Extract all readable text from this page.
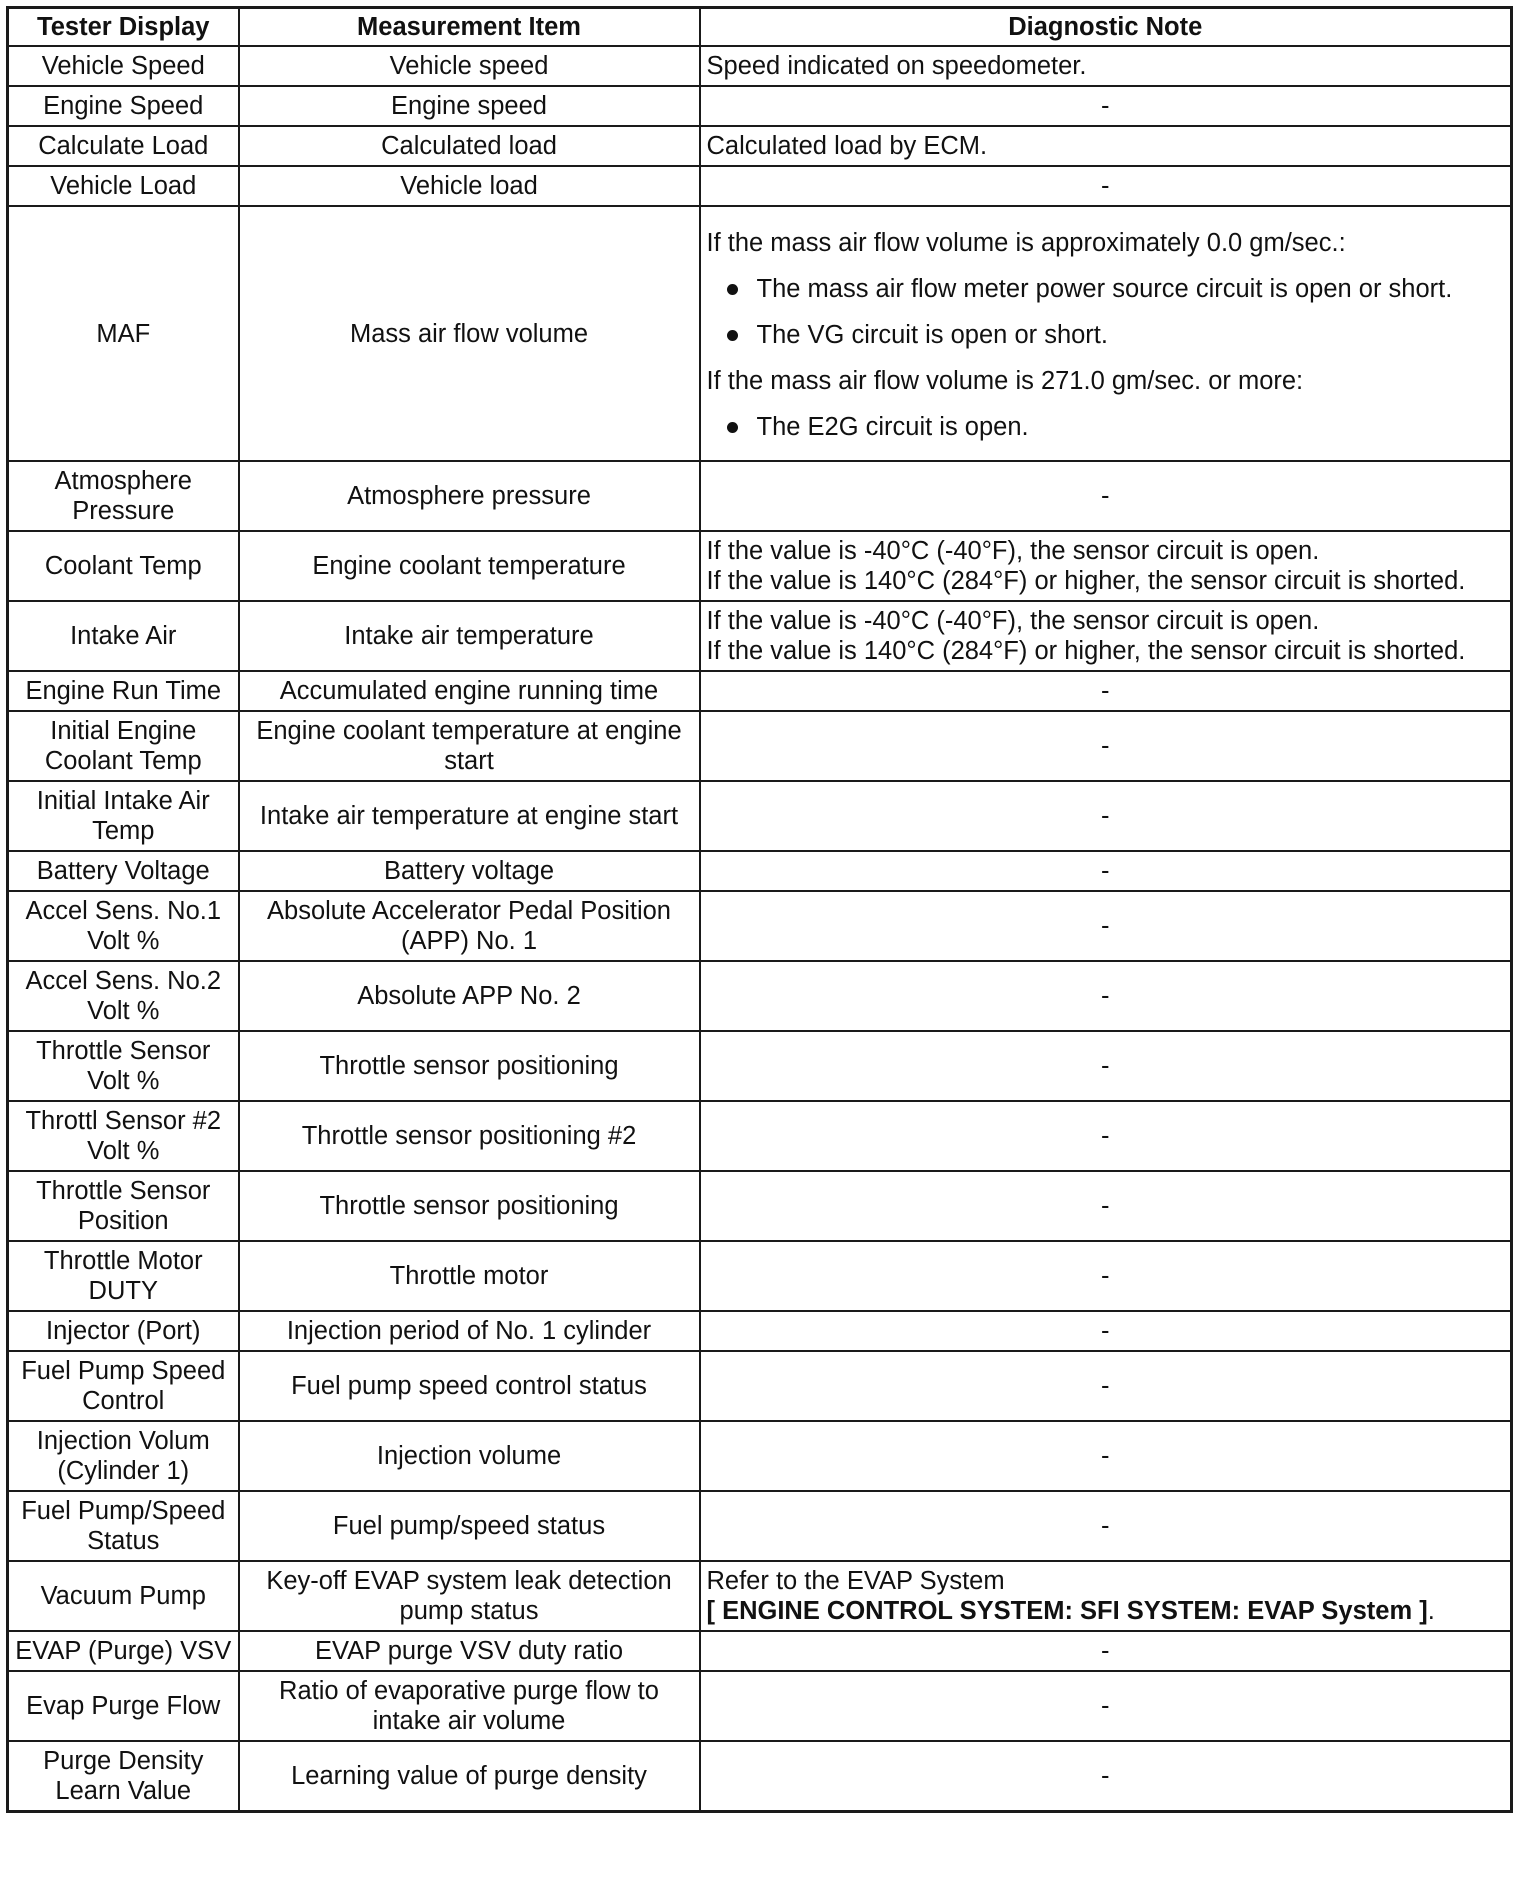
Tester Display	Measurement Item	Diagnostic Note
Vehicle Speed	Vehicle speed	Speed indicated on speedometer.
Engine Speed	Engine speed	-
Calculate Load	Calculated load	Calculated load by ECM.
Vehicle Load	Vehicle load	-
MAF	Mass air flow volume	If the mass air flow volume is approximately 0.0 gm/sec.:
The mass air flow meter power source circuit is open or short.
The VG circuit is open or short.
If the mass air flow volume is 271.0 gm/sec. or more:
The E2G circuit is open.

Atmosphere Pressure	Atmosphere pressure	-
Coolant Temp	Engine coolant temperature	If the value is -40°C (-40°F), the sensor circuit is open.
If the value is 140°C (284°F) or higher, the sensor circuit is shorted.

Intake Air	Intake air temperature	If the value is -40°C (-40°F), the sensor circuit is open.
If the value is 140°C (284°F) or higher, the sensor circuit is shorted.

Engine Run Time	Accumulated engine running time	-
Initial Engine Coolant Temp	Engine coolant temperature at engine start	-
Initial Intake Air Temp	Intake air temperature at engine start	-
Battery Voltage	Battery voltage	-
Accel Sens. No.1 Volt %	Absolute Accelerator Pedal Position (APP) No. 1	-
Accel Sens. No.2 Volt %	Absolute APP No. 2	-
Throttle Sensor Volt %	Throttle sensor positioning	-
Throttl Sensor #2 Volt %	Throttle sensor positioning #2	-
Throttle Sensor Position	Throttle sensor positioning	-
Throttle Motor DUTY	Throttle motor	-
Injector (Port)	Injection period of No. 1 cylinder	-
Fuel Pump Speed Control	Fuel pump speed control status	-
Injection Volum (Cylinder 1)	Injection volume	-
Fuel Pump/Speed Status	Fuel pump/speed status	-
Vacuum Pump	Key-off EVAP system leak detection pump status	Refer to the EVAP System
[ ENGINE CONTROL SYSTEM: SFI SYSTEM: EVAP System ].

EVAP (Purge) VSV	EVAP purge VSV duty ratio	-
Evap Purge Flow	Ratio of evaporative purge flow to intake air volume	-
Purge Density Learn Value	Learning value of purge density	-
